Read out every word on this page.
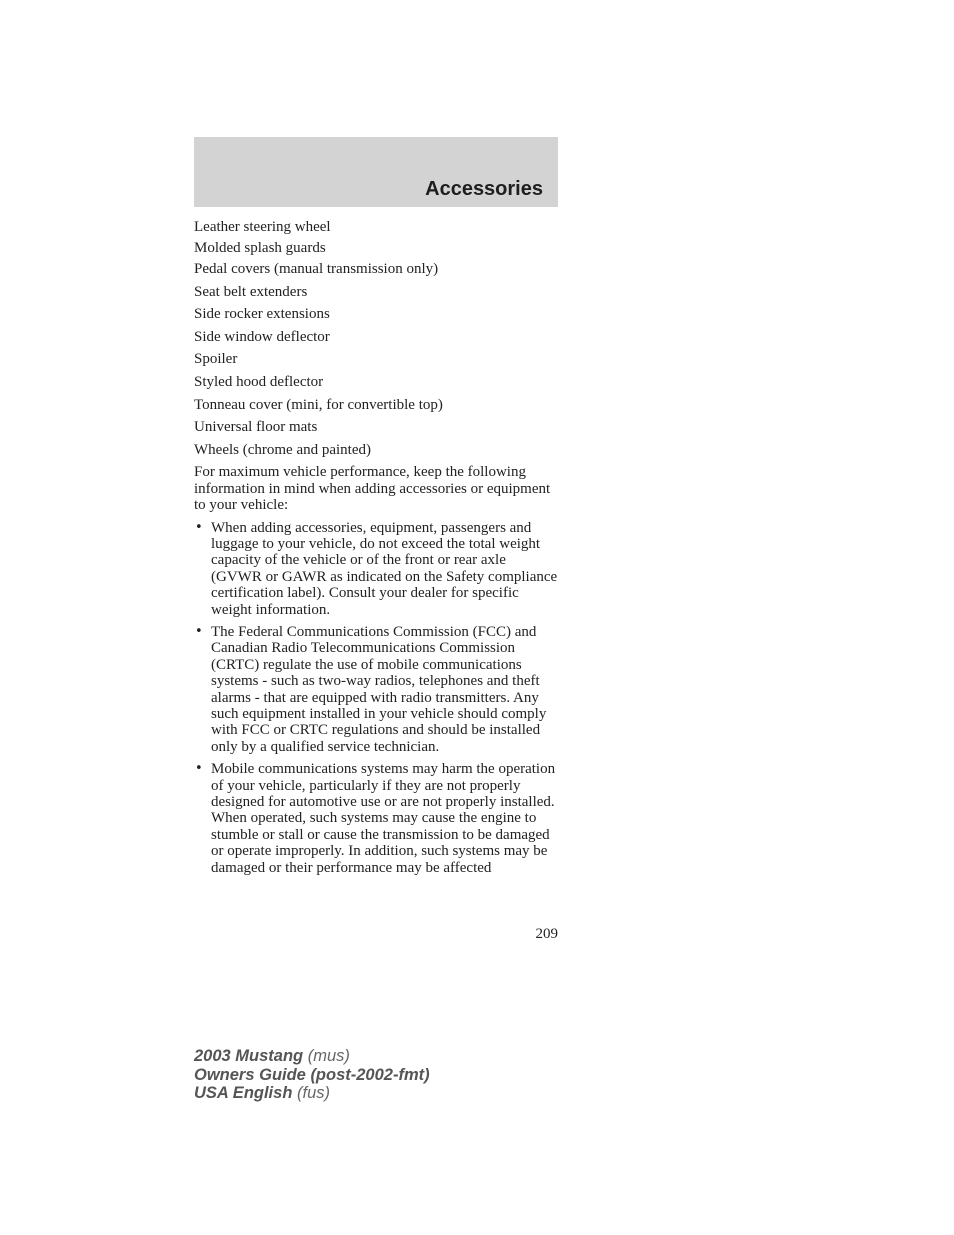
Accessories
Leather steering wheel
Molded splash guards
Pedal covers (manual transmission only)
Seat belt extenders
Side rocker extensions
Side window deflector
Spoiler
Styled hood deflector
Tonneau cover (mini, for convertible top)
Universal floor mats
Wheels (chrome and painted)

For maximum vehicle performance, keep the following information in mind when adding accessories or equipment to your vehicle:

• When adding accessories, equipment, passengers and luggage to your vehicle, do not exceed the total weight capacity of the vehicle or of the front or rear axle (GVWR or GAWR as indicated on the Safety compliance certification label). Consult your dealer for specific weight information.
• The Federal Communications Commission (FCC) and Canadian Radio Telecommunications Commission (CRTC) regulate the use of mobile communications systems - such as two-way radios, telephones and theft alarms - that are equipped with radio transmitters. Any such equipment installed in your vehicle should comply with FCC or CRTC regulations and should be installed only by a qualified service technician.
• Mobile communications systems may harm the operation of your vehicle, particularly if they are not properly designed for automotive use or are not properly installed. When operated, such systems may cause the engine to stumble or stall or cause the transmission to be damaged or operate improperly. In addition, such systems may be damaged or their performance may be affected
209
2003 Mustang (mus)
Owners Guide (post-2002-fmt)
USA English (fus)
